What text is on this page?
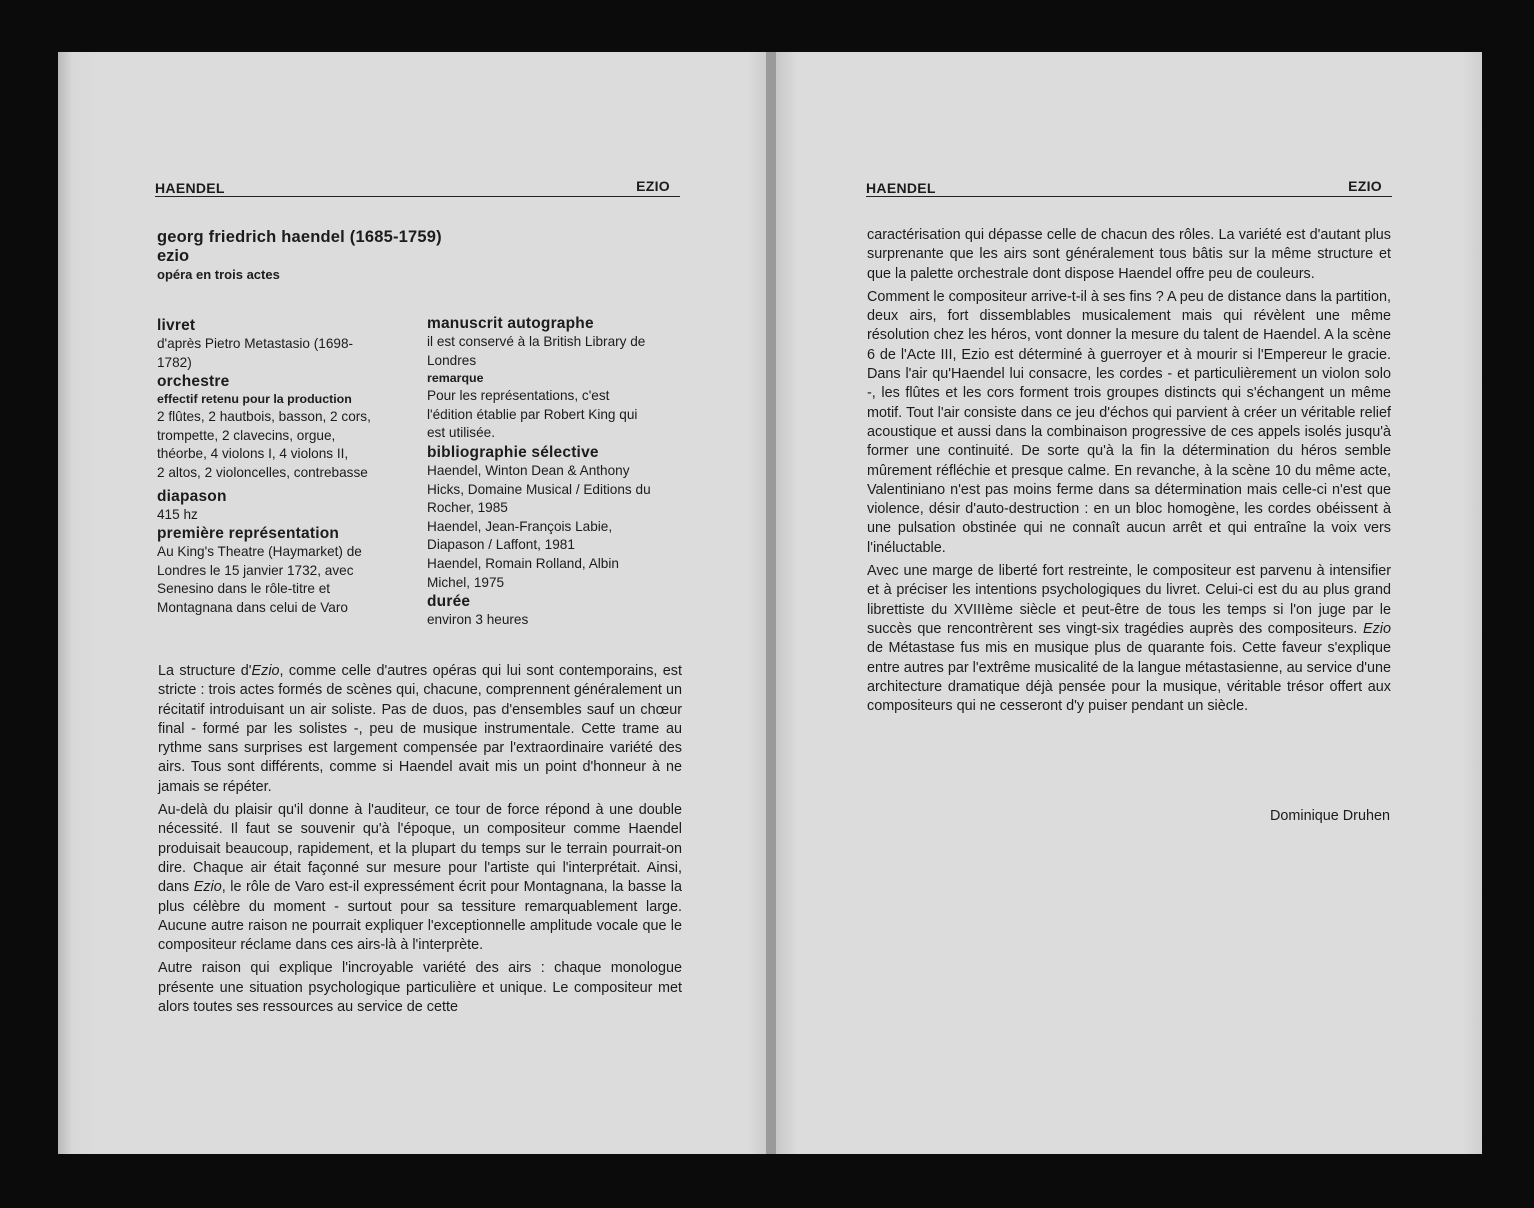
HAENDEL	EZIO
georg friedrich haendel (1685-1759)
ezio
opéra en trois actes
livret
d'après Pietro Metastasio (1698-
1782)
orchestre
effectif retenu pour la production
2 flûtes, 2 hautbois, basson, 2 cors,
trompette, 2 clavecins, orgue,
théorbe, 4 violons I, 4 violons II,
2 altos, 2 violoncelles, contrebasse
diapason
415 hz
première représentation
Au King's Theatre (Haymarket) de
Londres le 15 janvier 1732, avec
Senesino dans le rôle-titre et
Montagnana dans celui de Varo
manuscrit autographe
il est conservé à la British Library de
Londres
remarque
Pour les représentations, c'est
l'édition établie par Robert King qui
est utilisée.
bibliographie sélective
Haendel, Winton Dean & Anthony
Hicks, Domaine Musical / Editions du
Rocher, 1985
Haendel, Jean-François Labie,
Diapason / Laffont, 1981
Haendel, Romain Rolland, Albin
Michel, 1975
durée
environ 3 heures

La structure d'Ezio, comme celle d'autres opéras qui lui sont contemporains, est stricte : trois actes formés de scènes qui, chacune, comprennent généralement un récitatif introduisant un air soliste. Pas de duos, pas d'ensembles sauf un chœur final - formé par les solistes -, peu de musique instrumentale. Cette trame au rythme sans surprises est largement compensée par l'extraordinaire variété des airs. Tous sont différents, comme si Haendel avait mis un point d'honneur à ne jamais se répéter.

Au-delà du plaisir qu'il donne à l'auditeur, ce tour de force répond à une double nécessité. Il faut se souvenir qu'à l'époque, un compositeur comme Haendel produisait beaucoup, rapidement, et la plupart du temps sur le terrain pourrait-on dire. Chaque air était façonné sur mesure pour l'artiste qui l'interprétait. Ainsi, dans Ezio, le rôle de Varo est-il expressément écrit pour Montagnana, la basse la plus célèbre du moment - surtout pour sa tessiture remarquablement large. Aucune autre raison ne pourrait expliquer l'exceptionnelle amplitude vocale que le compositeur réclame dans ces airs-là à l'interprète.

Autre raison qui explique l'incroyable variété des airs : chaque monologue présente une situation psychologique particulière et unique. Le compositeur met alors toutes ses ressources au service de cette

HAENDEL	EZIO

caractérisation qui dépasse celle de chacun des rôles. La variété est d'autant plus surprenante que les airs sont généralement tous bâtis sur la même structure et que la palette orchestrale dont dispose Haendel offre peu de couleurs.

Comment le compositeur arrive-t-il à ses fins ? A peu de distance dans la partition, deux airs, fort dissemblables musicalement mais qui révèlent une même résolution chez les héros, vont donner la mesure du talent de Haendel. A la scène 6 de l'Acte III, Ezio est déterminé à guerroyer et à mourir si l'Empereur le gracie. Dans l'air qu'Haendel lui consacre, les cordes - et particulièrement un violon solo -, les flûtes et les cors forment trois groupes distincts qui s'échangent un même motif. Tout l'air consiste dans ce jeu d'échos qui parvient à créer un véritable relief acoustique et aussi dans la combinaison progressive de ces appels isolés jusqu'à former une continuité. De sorte qu'à la fin la détermination du héros semble mûrement réfléchie et presque calme. En revanche, à la scène 10 du même acte, Valentiniano n'est pas moins ferme dans sa détermination mais celle-ci n'est que violence, désir d'auto-destruction : en un bloc homogène, les cordes obéissent à une pulsation obstinée qui ne connaît aucun arrêt et qui entraîne la voix vers l'inéluctable.

Avec une marge de liberté fort restreinte, le compositeur est parvenu à intensifier et à préciser les intentions psychologiques du livret. Celui-ci est du au plus grand librettiste du XVIIIème siècle et peut-être de tous les temps si l'on juge par le succès que rencontrèrent ses vingt-six tragédies auprès des compositeurs. Ezio de Métastase fus mis en musique plus de quarante fois. Cette faveur s'explique entre autres par l'extrême musicalité de la langue métastasienne, au service d'une architecture dramatique déjà pensée pour la musique, véritable trésor offert aux compositeurs qui ne cesseront d'y puiser pendant un siècle.

Dominique Druhen
